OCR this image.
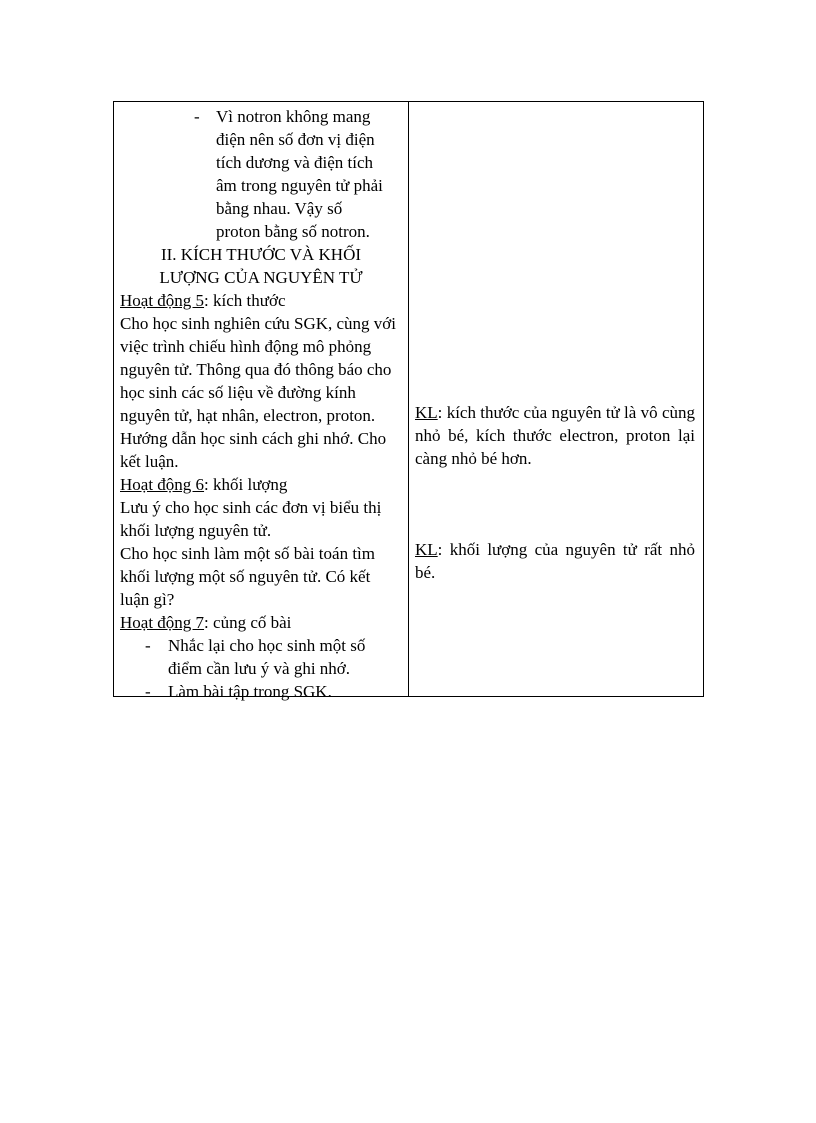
- Vì notron không mang điện nên số đơn vị điện tích dương và điện tích âm trong nguyên tử phải bằng nhau. Vậy số proton bằng số notron.
II. KÍCH THƯỚC VÀ KHỐI
LƯỢNG CỦA NGUYÊN TỬ
Hoạt động 5: kích thước
Cho học sinh nghiên cứu SGK, cùng với việc trình chiếu hình động mô phỏng nguyên tử. Thông qua đó thông báo cho học sinh các số liệu về đường kính nguyên tử, hạt nhân, electron, proton. Hướng dẫn học sinh cách ghi nhớ. Cho kết luận.
Hoạt động 6: khối lượng
Lưu ý cho học sinh các đơn vị biểu thị khối lượng nguyên tử.
Cho học sinh làm một số bài toán tìm khối lượng một số nguyên tử. Có kết luận gì?
Hoạt động 7: củng cố bài
-	Nhắc lại cho học sinh một số điểm cần lưu ý và ghi nhớ.
-	Làm bài tập trong SGK.
KL: kích thước của nguyên tử là vô cùng nhỏ bé, kích thước electron, proton lại càng nhỏ bé hơn.
KL: khối lượng của nguyên tử rất nhỏ bé.
